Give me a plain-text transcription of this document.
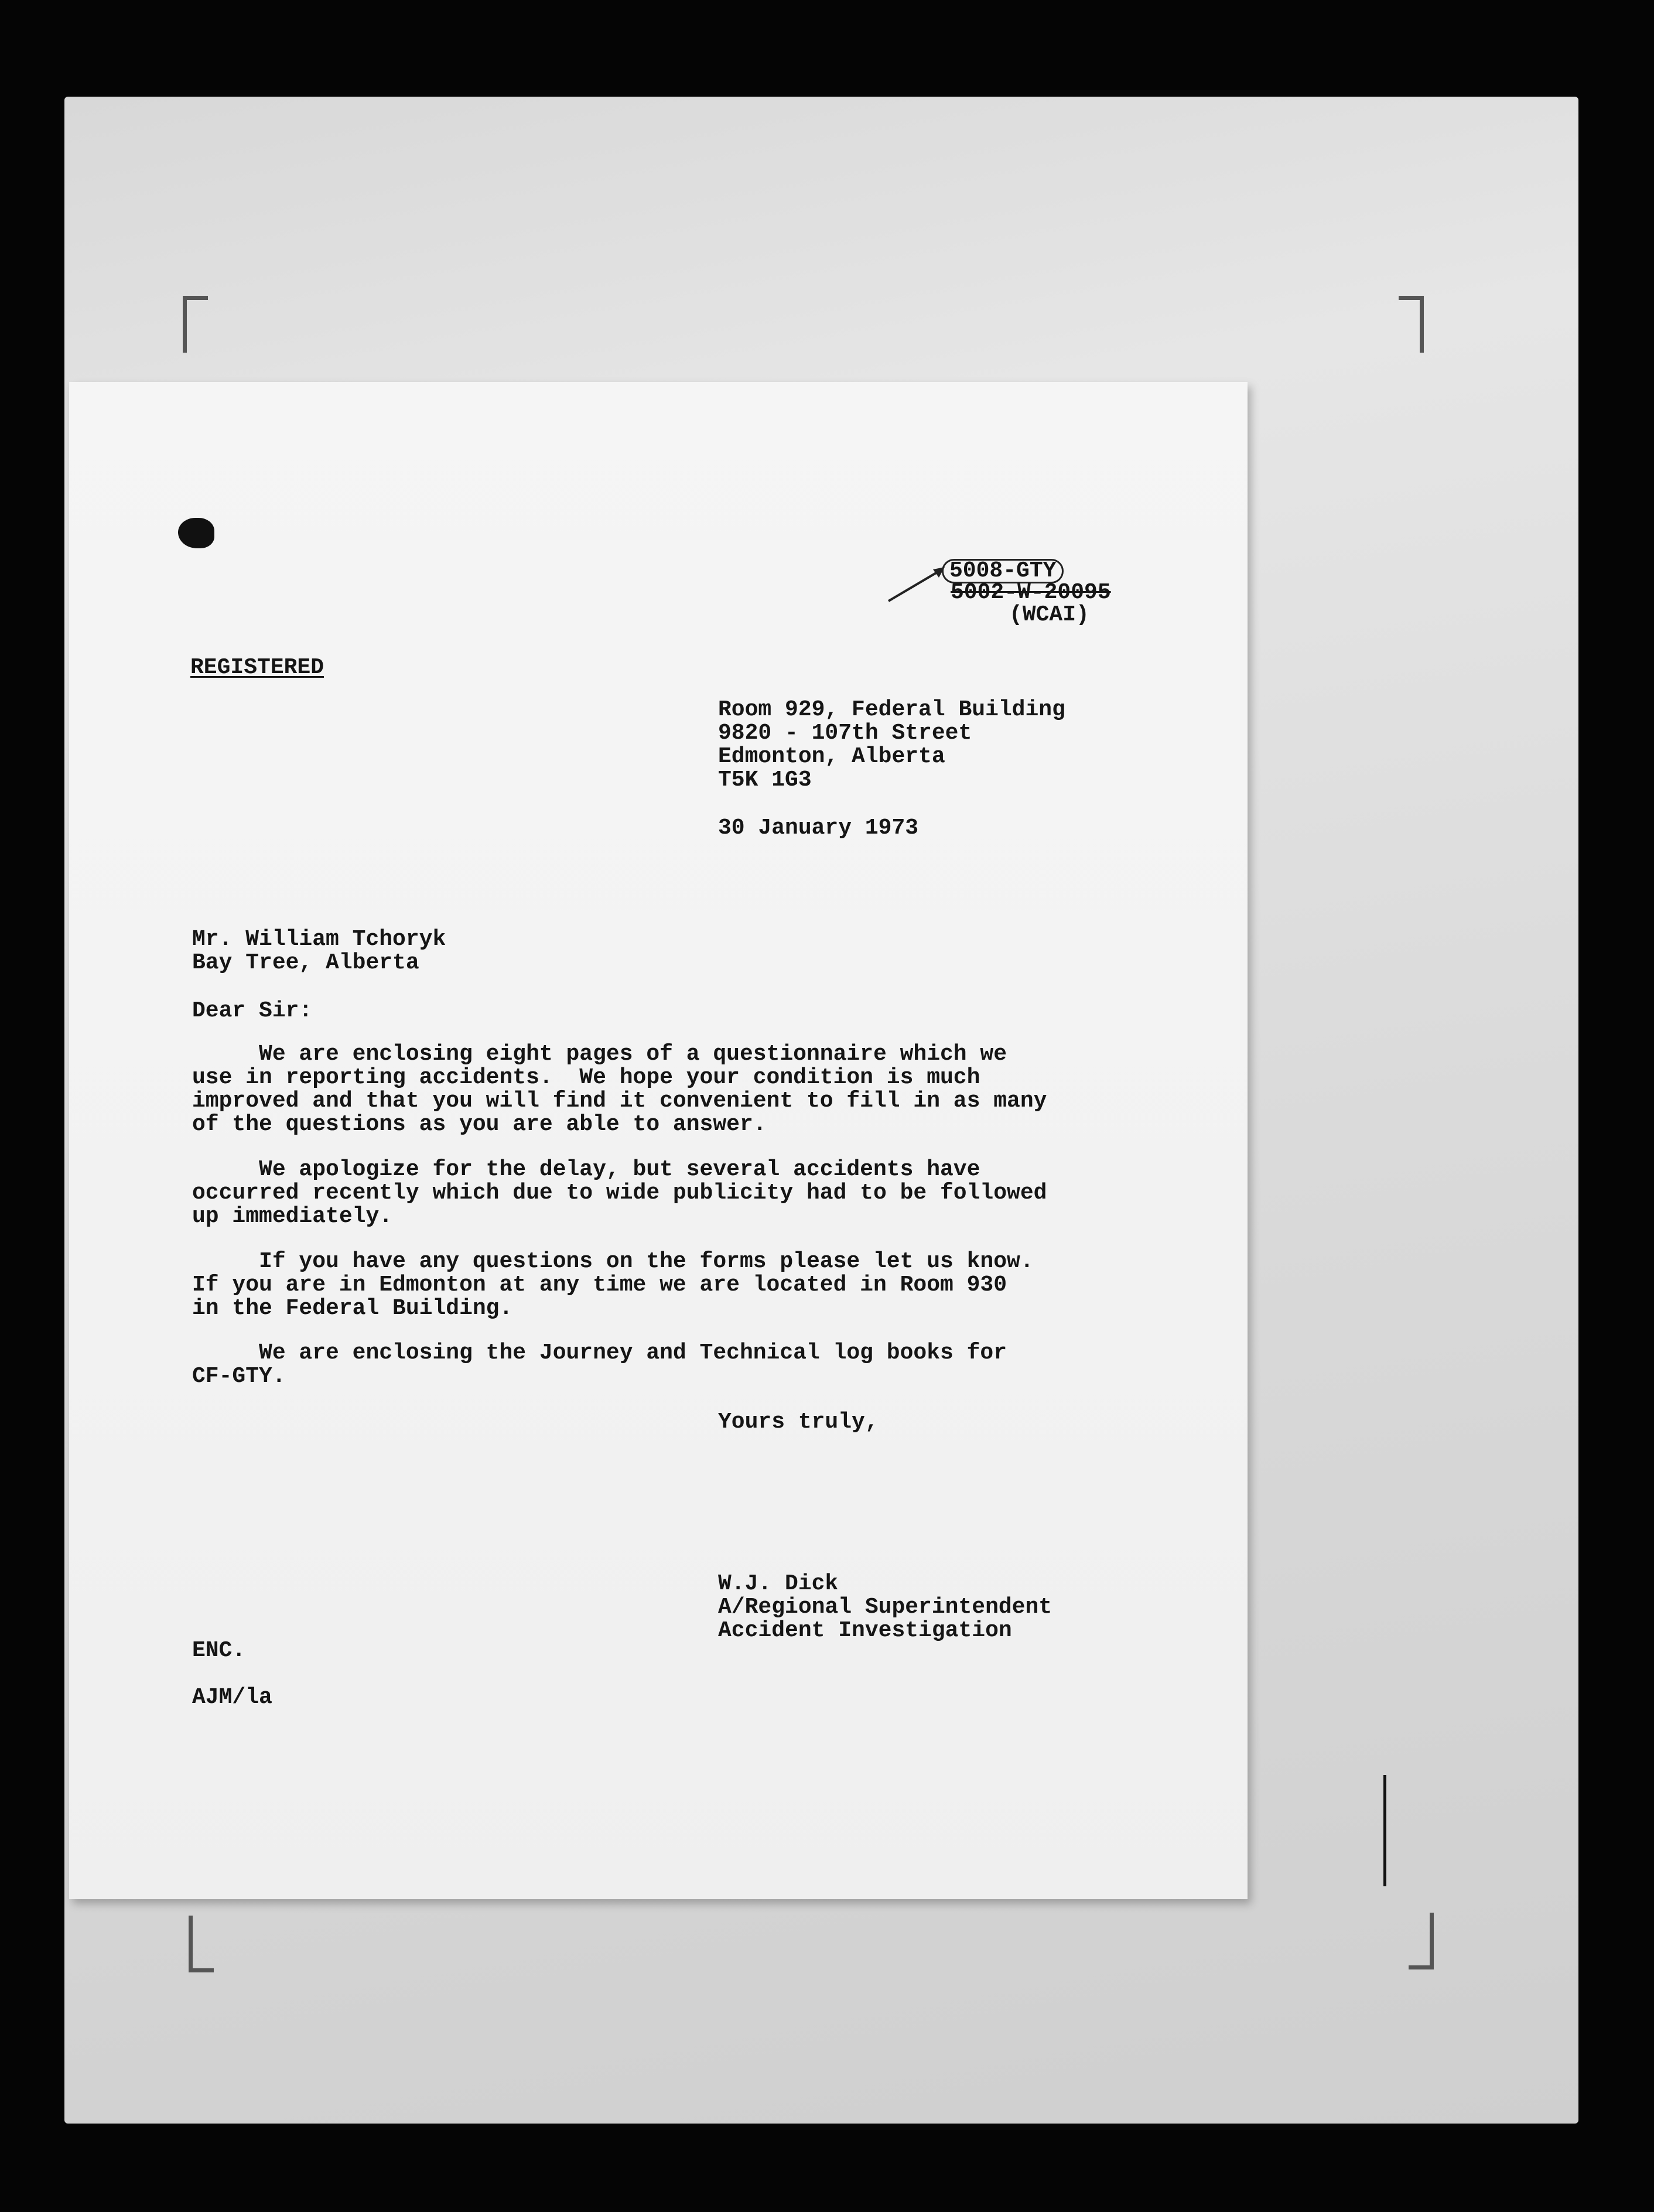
5008-GTY
5002-W-20095
(WCAI)
REGISTERED
Room 929, Federal Building
9820 - 107th Street
Edmonton, Alberta
T5K 1G3
30 January 1973
Mr. William Tchoryk
Bay Tree, Alberta
Dear Sir:
We are enclosing eight pages of a questionnaire which we
use in reporting accidents.  We hope your condition is much
improved and that you will find it convenient to fill in as many
of the questions as you are able to answer.
We apologize for the delay, but several accidents have
occurred recently which due to wide publicity had to be followed
up immediately.
If you have any questions on the forms please let us know.
If you are in Edmonton at any time we are located in Room 930
in the Federal Building.
We are enclosing the Journey and Technical log books for
CF-GTY.
Yours truly,
W.J. Dick
A/Regional Superintendent
Accident Investigation
ENC.
AJM/la
